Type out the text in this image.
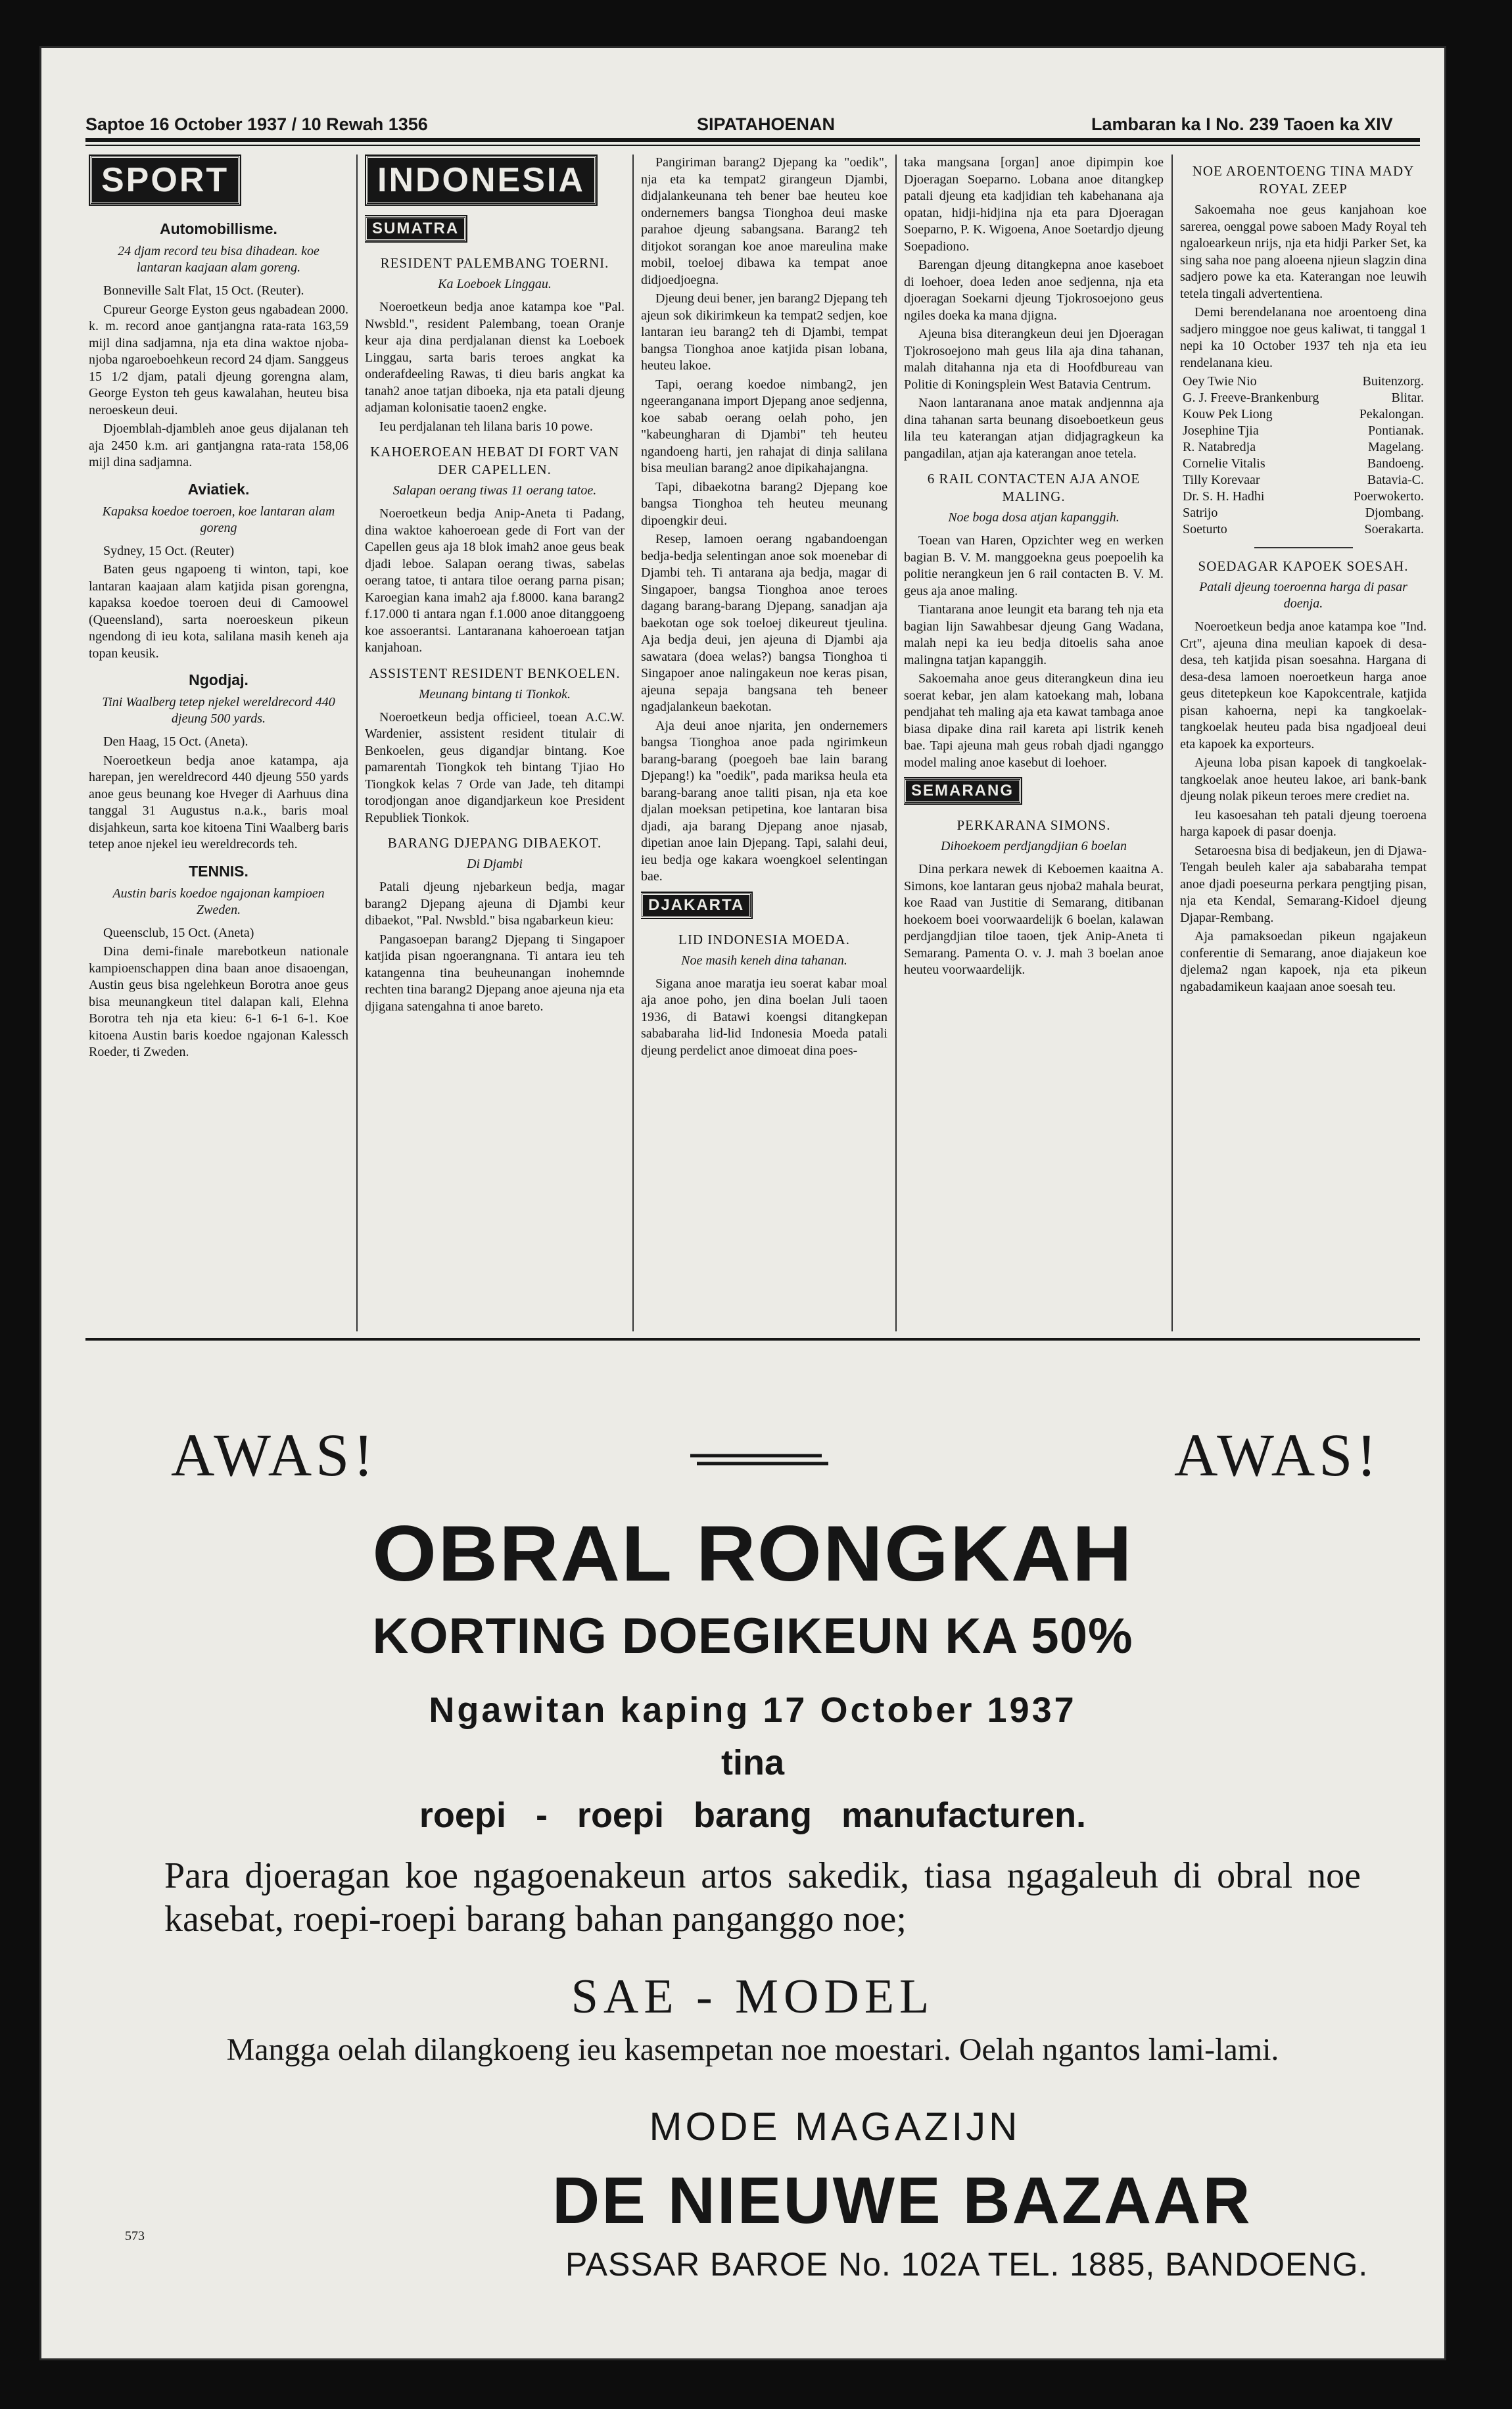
Saptoe 16 October 1937 / 10 Rewah 1356	SIPATAHOENAN	Lambaran ka I No. 239 Taoen ka XIV
SPORT
Automobillisme.
24 djam record teu bisa dihadean. koe lantaran kaajaan alam goreng.

Bonneville Salt Flat, 15 Oct. (Reuter).

Cpureur George Eyston geus ngabadean 2000. k. m. record anoe gantjangna rata-rata 163,59 mijl dina sadjamna, nja eta dina waktoe njoba-njoba ngaroeboehkeun record 24 djam. Sanggeus 15 1/2 djam, patali djeung gorengna alam, George Eyston teh geus kawalahan, heuteu bisa neroeskeun deui.

Djoemblah-djambleh anoe geus dijalanan teh aja 2450 k.m. ari gantjangna rata-rata 158,06 mijl dina sadjamna.

Aviatiek.
Kapaksa koedoe toeroen, koe lantaran alam goreng

Sydney, 15 Oct. (Reuter)

Baten geus ngapoeng ti winton, tapi, koe lantaran kaajaan alam katjida pisan gorengna, kapaksa koedoe toeroen deui di Camoowel (Queensland), sarta noeroeskeun pikeun ngendong di ieu kota, salilana masih keneh aja topan keusik.

Ngodjaj.
Tini Waalberg tetep njekel wereldrecord 440 djeung 500 yards.

Den Haag, 15 Oct. (Aneta).

Noeroetkeun bedja anoe katampa, aja harepan, jen wereldrecord 440 djeung 550 yards anoe geus beunang koe Hveger di Aarhuus dina tanggal 31 Augustus n.a.k., baris moal disjahkeun, sarta koe kitoena Tini Waalberg baris tetep anoe njekel ieu wereldrecords teh.

TENNIS.
Austin baris koedoe ngajonan kampioen Zweden.

Queensclub, 15 Oct. (Aneta)

Dina demi-finale marebotkeun nationale kampioenschappen dina baan anoe disaoengan, Austin geus bisa ngelehkeun Borotra anoe geus bisa meunangkeun titel dalapan kali, Elehna Borotra teh nja eta kieu: 6-1 6-1 6-1. Koe kitoena Austin baris koedoe ngajonan Kalessch Roeder, ti Zweden.

INDONESIA
SUMATRA
RESIDENT PALEMBANG TOERNI.
Ka Loeboek Linggau.

Noeroetkeun bedja anoe katampa koe "Pal. Nwsbld.", resident Palembang, toean Oranje keur aja dina perdjalanan dienst ka Loeboek Linggau, sarta baris teroes angkat ka onderafdeeling Rawas, ti dieu baris angkat ka tanah2 anoe tatjan diboeka, nja eta patali djeung adjaman kolonisatie taoen2 engke.

Ieu perdjalanan teh lilana baris 10 powe.

KAHOEROEAN HEBAT DI FORT VAN DER CAPELLEN.
Salapan oerang tiwas 11 oerang tatoe.

Noeroetkeun bedja Anip-Aneta ti Padang, dina waktoe kahoeroean gede di Fort van der Capellen geus aja 18 blok imah2 anoe geus beak djadi leboe. Salapan oerang tiwas, sabelas oerang tatoe, ti antara tiloe oerang parna pisan; Karoegian kana imah2 aja f.8000. kana barang2 f.17.000 ti antara ngan f.1.000 anoe ditanggoeng koe assoerantsi. Lantaranana kahoeroean tatjan kanjahoan.

ASSISTENT RESIDENT BENKOELEN.
Meunang bintang ti Tionkok.

Noeroetkeun bedja officieel, toean A.C.W. Wardenier, assistent resident titulair di Benkoelen, geus digandjar bintang. Koe pamarentah Tiongkok teh bintang Tjiao Ho Tiongkok kelas 7 Orde van Jade, teh ditampi torodjongan anoe digandjarkeun koe President Republiek Tionkok.

BARANG DJEPANG DIBAEKOT.
Di Djambi

Patali djeung njebarkeun bedja, magar barang2 Djepang ajeuna di Djambi keur dibaekot, "Pal. Nwsbld." bisa ngabarkeun kieu:

Pangasoepan barang2 Djepang ti Singapoer katjida pisan ngoerangnana. Ti antara ieu teh katangenna tina beuheunangan inohemnde rechten tina barang2 Djepang anoe ajeuna nja eta djigana satengahna ti anoe bareto.

Pangiriman barang2 Djepang ka "oedik", nja eta ka tempat2 girangeun Djambi, didjalankeunana teh bener bae heuteu koe ondernemers bangsa Tionghoa deui maske parahoe djeung sabangsana. Barang2 teh ditjokot sorangan koe anoe mareulina make mobil, toeloej dibawa ka tempat anoe didjoedjoegna.

Djeung deui bener, jen barang2 Djepang teh ajeun sok dikirimkeun ka tempat2 sedjen, koe lantaran ieu barang2 teh di Djambi, tempat bangsa Tionghoa anoe katjida pisan lobana, heuteu lakoe.

Tapi, oerang koedoe nimbang2, jen ngeeranganana import Djepang anoe sedjenna, koe sabab oerang oelah poho, jen "kabeungharan di Djambi" teh heuteu ngandoeng harti, jen rahajat di dinja salilana bisa meulian barang2 anoe dipikahajangna.

Tapi, dibaekotna barang2 Djepang koe bangsa Tionghoa teh heuteu meunang dipoengkir deui.

Resep, lamoen oerang ngabandoengan bedja-bedja selentingan anoe sok moenebar di Djambi teh. Ti antarana aja bedja, magar di Singapoer, bangsa Tionghoa anoe teroes dagang barang-barang Djepang, sanadjan aja baekotan oge sok toeloej dikeureut tjeulina. Aja bedja deui, jen ajeuna di Djambi aja sawatara (doea welas?) bangsa Tionghoa ti Singapoer anoe nalingakeun noe keras pisan, ajeuna sepaja bangsana teh beneer ngadjalankeun baekotan.

Aja deui anoe njarita, jen ondernemers bangsa Tionghoa anoe pada ngirimkeun barang-barang (poegoeh bae lain barang Djepang!) ka "oedik", pada mariksa heula eta barang-barang anoe taliti pisan, nja eta koe djalan moeksan petipetina, koe lantaran bisa djadi, aja barang Djepang anoe njasab, dipetian anoe lain Djepang. Tapi, salahi deui, ieu bedja oge kakara woengkoel selentingan bae.

DJAKARTA
LID INDONESIA MOEDA.
Noe masih keneh dina tahanan.

Sigana anoe maratja ieu soerat kabar moal aja anoe poho, jen dina boelan Juli taoen 1936, di Batawi koengsi ditangkepan sababaraha lid-lid Indonesia Moeda patali djeung perdelict anoe dimoeat dina poes-

taka mangsana [organ] anoe dipimpin koe Djoeragan Soeparno. Lobana anoe ditangkep patali djeung eta kadjidian teh kabehanana aja opatan, hidji-hidjina nja eta para Djoeragan Soeparno, P. K. Wigoena, Anoe Soetardjo djeung Soepadiono.

Barengan djeung ditangkepna anoe kaseboet di loehoer, doea leden anoe sedjenna, nja eta djoeragan Soekarni djeung Tjokrosoejono geus ngiles doeka ka mana djigna.

Ajeuna bisa diterangkeun deui jen Djoeragan Tjokrosoejono mah geus lila aja dina tahanan, malah ditahanna nja eta di Hoofdbureau van Politie di Koningsplein West Batavia Centrum.

Naon lantaranana anoe matak andjennna aja dina tahanan sarta beunang disoeboetkeun geus lila teu katerangan atjan didjagragkeun ka pangadilan, atjan aja katerangan anoe tetela.

6 RAIL CONTACTEN AJA ANOE MALING.
Noe boga dosa atjan kapanggih.

Toean van Haren, Opzichter weg en werken bagian B. V. M. manggoekna geus poepoelih ka politie nerangkeun jen 6 rail contacten B. V. M. geus aja anoe maling.

Tiantarana anoe leungit eta barang teh nja eta bagian lijn Sawahbesar djeung Gang Wadana, malah nepi ka ieu bedja ditoelis saha anoe malingna tatjan kapanggih.

Sakoemaha anoe geus diterangkeun dina ieu soerat kebar, jen alam katoekang mah, lobana pendjahat teh maling aja eta kawat tambaga anoe biasa dipake dina rail kareta api listrik keneh bae. Tapi ajeuna mah geus robah djadi nganggo model maling anoe kasebut di loehoer.

SEMARANG
PERKARANA SIMONS.
Dihoekoem perdjangdjian 6 boelan

Dina perkara newek di Keboemen kaaitna A. Simons, koe lantaran geus njoba2 mahala beurat, koe Raad van Justitie di Semarang, ditibanan hoekoem boei voorwaardelijk 6 boelan, kalawan perdjangdjian tiloe taoen, tjek Anip-Aneta ti Semarang. Pamenta O. v. J. mah 3 boelan anoe heuteu voorwaardelijk.

NOE AROENTOENG TINA MADY ROYAL ZEEP

Sakoemaha noe geus kanjahoan koe sarerea, oenggal powe saboen Mady Royal teh ngaloearkeun nrijs, nja eta hidji Parker Set, ka sing saha noe pang aloeena njieun slagzin dina sadjero powe ka eta. Katerangan noe leuwih tetela tingali advertentiena.

Demi berendelanana noe aroentoeng dina sadjero minggoe noe geus kaliwat, ti tanggal 1 nepi ka 10 October 1937 teh nja eta ieu rendelanana kieu.

Oey Twie Nio	Buitenzorg.
G. J. Freeve-Brankenburg	Blitar.
Kouw Pek Liong	Pekalongan.
Josephine Tjia	Pontianak.
R. Natabredja	Magelang.
Cornelie Vitalis	Bandoeng.
Tilly Korevaar	Batavia-C.
Dr. S. H. Hadhi	Poerwokerto.
Satrijo	Djombang.
Soeturto	Soerakarta.
SOEDAGAR KAPOEK SOESAH.
Patali djeung toeroenna harga di pasar doenja.

Noeroetkeun bedja anoe katampa koe "Ind. Crt", ajeuna dina meulian kapoek di desa-desa, teh katjida pisan soesahna. Hargana di desa-desa lamoen noeroetkeun harga anoe geus ditetepkeun koe Kapokcentrale, katjida pisan kahoerna, nepi ka tangkoelak-tangkoelak heuteu pada bisa ngadjoeal deui eta kapoek ka exporteurs.

Ajeuna loba pisan kapoek di tangkoelak-tangkoelak anoe heuteu lakoe, ari bank-bank djeung nolak pikeun teroes mere crediet na.

Ieu kasoesahan teh patali djeung toeroena harga kapoek di pasar doenja.

Setaroesna bisa di bedjakeun, jen di Djawa-Tengah beuleh kaler aja sababaraha tempat anoe djadi poeseurna perkara pengtjing pisan, nja eta Kendal, Semarang-Kidoel djeung Djapar-Rembang.

Aja pamaksoedan pikeun ngajakeun conferentie di Semarang, anoe diajakeun koe djelema2 ngan kapoek, nja eta pikeun ngabadamikeun kaajaan anoe soesah teu.

AWAS!	AWAS!
OBRAL RONGKAH
KORTING DOEGIKEUN KA 50%
Ngawitan kaping 17 October 1937
tina
roepi - roepi barang manufacturen.
Para djoeragan koe ngagoenakeun artos sakedik, tiasa ngagaleuh di obral noe kasebat, roepi-roepi barang bahan panganggo noe;
SAE - MODEL
Mangga oelah dilangkoeng ieu kasempetan noe moestari. Oelah ngantos lami-lami.
MODE MAGAZIJN
DE NIEUWE BAZAAR
PASSAR BAROE No. 102A TEL. 1885, BANDOENG.
573
